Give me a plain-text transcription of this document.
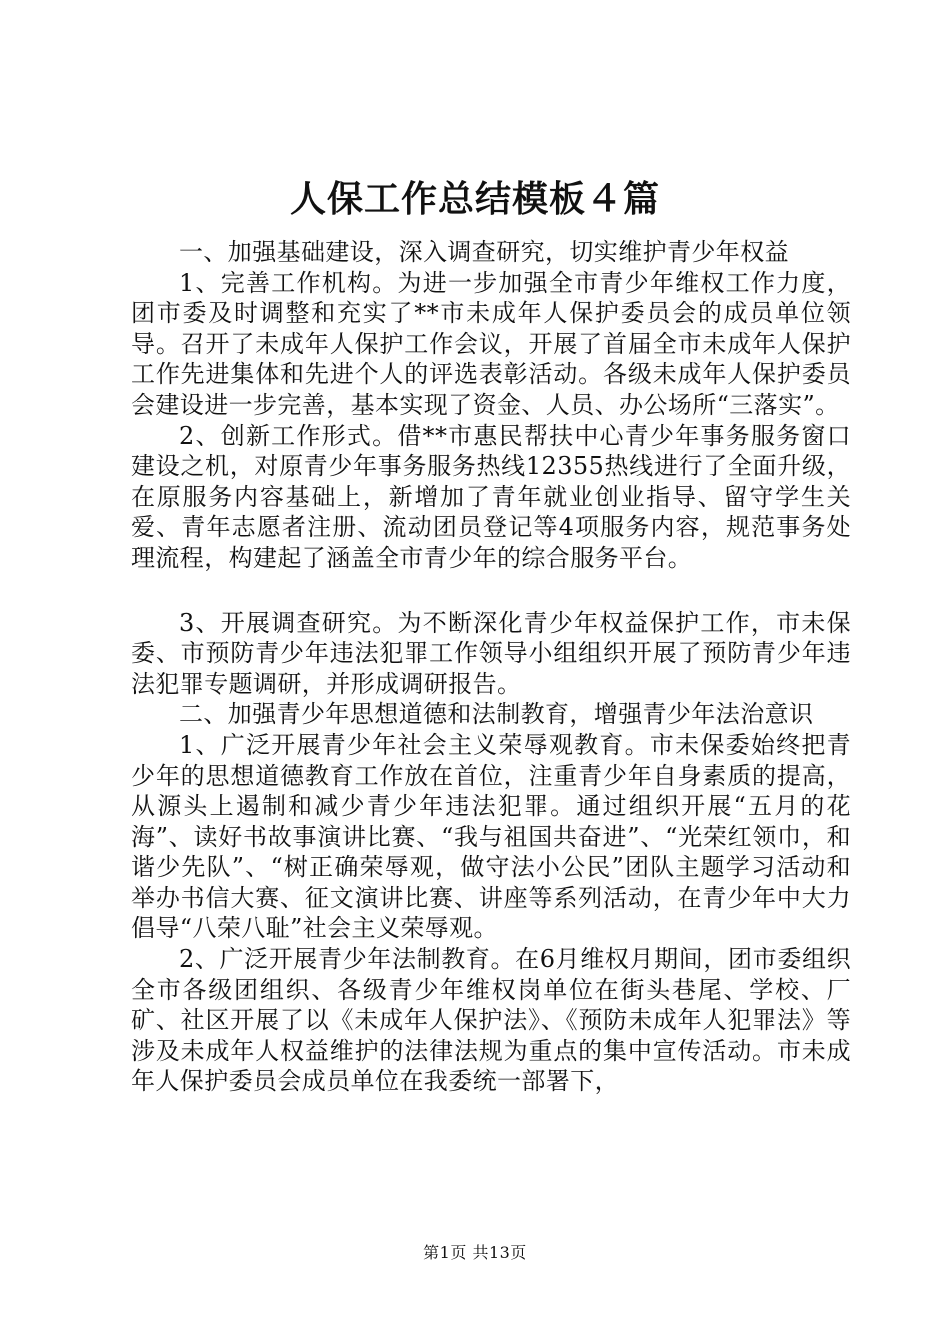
人保工作总结模板４篇

一、加强基础建设，深入调查研究，切实维护青少年权益

1、完善工作机构。为进一步加强全市青少年维权工作力度，团市委及时调整和充实了**市未成年人保护委员会的成员单位领导。召开了未成年人保护工作会议，开展了首届全市未成年人保护工作先进集体和先进个人的评选表彰活动。各级未成年人保护委员会建设进一步完善，基本实现了资金、人员、办公场所“三落实”。

2、创新工作形式。借**市惠民帮扶中心青少年事务服务窗口建设之机，对原青少年事务服务热线12355热线进行了全面升级，在原服务内容基础上，新增加了青年就业创业指导、留守学生关爱、青年志愿者注册、流动团员登记等4项服务内容，规范事务处理流程，构建起了涵盖全市青少年的综合服务平台。

3、开展调查研究。为不断深化青少年权益保护工作，市未保委、市预防青少年违法犯罪工作领导小组组织开展了预防青少年违法犯罪专题调研，并形成调研报告。

二、加强青少年思想道德和法制教育，增强青少年法治意识

1、广泛开展青少年社会主义荣辱观教育。市未保委始终把青少年的思想道德教育工作放在首位，注重青少年自身素质的提高，从源头上遏制和减少青少年违法犯罪。通过组织开展“五月的花海”、读好书故事演讲比赛、“我与祖国共奋进”、“光荣红领巾，和谐少先队”、“树正确荣辱观，做守法小公民”团队主题学习活动和举办书信大赛、征文演讲比赛、讲座等系列活动，在青少年中大力倡导“八荣八耻”社会主义荣辱观。

2、广泛开展青少年法制教育。在6月维权月期间，团市委组织全市各级团组织、各级青少年维权岗单位在街头巷尾、学校、厂矿、社区开展了以《未成年人保护法》、《预防未成年人犯罪法》等涉及未成年人权益维护的法律法规为重点的集中宣传活动。市未成年人保护委员会成员单位在我委统一部署下，

第1页 共13页
